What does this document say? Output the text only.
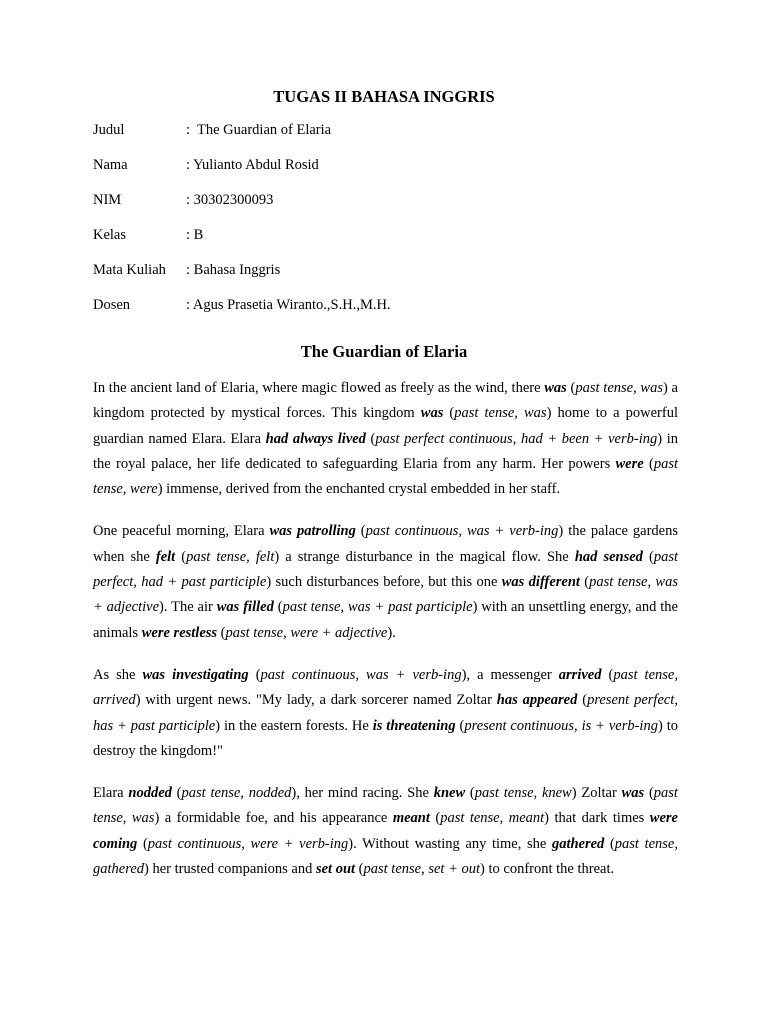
TUGAS II BAHASA INGGRIS
Judul	:  The Guardian of Elaria
Nama	: Yulianto Abdul Rosid
NIM	: 30302300093
Kelas	: B
Mata Kuliah	: Bahasa Inggris
Dosen	: Agus Prasetia Wiranto.,S.H.,M.H.
The Guardian of Elaria

In the ancient land of Elaria, where magic flowed as freely as the wind, there was (past tense, was) a kingdom protected by mystical forces. This kingdom was (past tense, was) home to a powerful guardian named Elara. Elara had always lived (past perfect continuous, had + been + verb-ing) in the royal palace, her life dedicated to safeguarding Elaria from any harm. Her powers were (past tense, were) immense, derived from the enchanted crystal embedded in her staff.

One peaceful morning, Elara was patrolling (past continuous, was + verb-ing) the palace gardens when she felt (past tense, felt) a strange disturbance in the magical flow. She had sensed (past perfect, had + past participle) such disturbances before, but this one was different (past tense, was + adjective). The air was filled (past tense, was + past participle) with an unsettling energy, and the animals were restless (past tense, were + adjective).

As she was investigating (past continuous, was + verb-ing), a messenger arrived (past tense, arrived) with urgent news. "My lady, a dark sorcerer named Zoltar has appeared (present perfect, has + past participle) in the eastern forests. He is threatening (present continuous, is + verb-ing) to destroy the kingdom!"

Elara nodded (past tense, nodded), her mind racing. She knew (past tense, knew) Zoltar was (past tense, was) a formidable foe, and his appearance meant (past tense, meant) that dark times were coming (past continuous, were + verb-ing). Without wasting any time, she gathered (past tense, gathered) her trusted companions and set out (past tense, set + out) to confront the threat.
